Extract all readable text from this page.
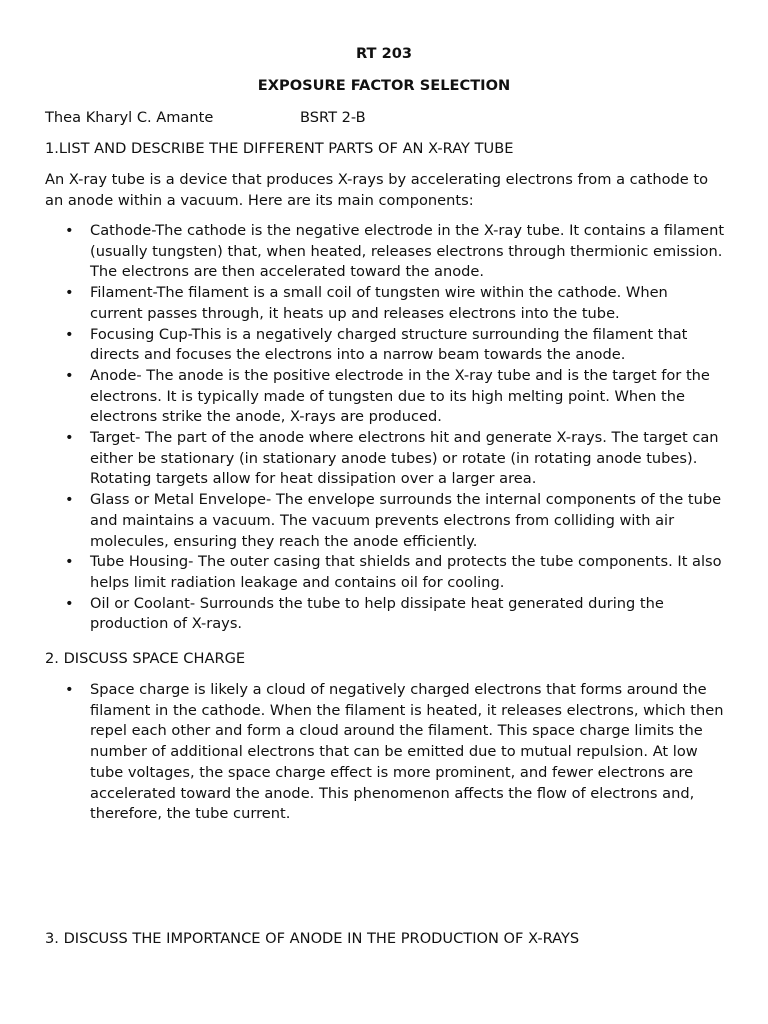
RT 203
EXPOSURE FACTOR SELECTION
Thea Kharyl C. Amante	BSRT 2-B
1.LIST AND DESCRIBE THE DIFFERENT PARTS OF AN X-RAY TUBE
An X-ray tube is a device that produces X-rays by accelerating electrons from a cathode to an anode within a vacuum. Here are its main components:
• Cathode-The cathode is the negative electrode in the X-ray tube. It contains a filament (usually tungsten) that, when heated, releases electrons through thermionic emission. The electrons are then accelerated toward the anode.
• Filament-The filament is a small coil of tungsten wire within the cathode. When current passes through, it heats up and releases electrons into the tube.
• Focusing Cup-This is a negatively charged structure surrounding the filament that directs and focuses the electrons into a narrow beam towards the anode.
• Anode- The anode is the positive electrode in the X-ray tube and is the target for the electrons. It is typically made of tungsten due to its high melting point. When the electrons strike the anode, X-rays are produced.
• Target- The part of the anode where electrons hit and generate X-rays. The target can either be stationary (in stationary anode tubes) or rotate (in rotating anode tubes). Rotating targets allow for heat dissipation over a larger area.
• Glass or Metal Envelope- The envelope surrounds the internal components of the tube and maintains a vacuum. The vacuum prevents electrons from colliding with air molecules, ensuring they reach the anode efficiently.
• Tube Housing- The outer casing that shields and protects the tube components. It also helps limit radiation leakage and contains oil for cooling.
• Oil or Coolant- Surrounds the tube to help dissipate heat generated during the production of X-rays.
2. DISCUSS SPACE CHARGE
• Space charge is likely a cloud of negatively charged electrons that forms around the filament in the cathode. When the filament is heated, it releases electrons, which then repel each other and form a cloud around the filament. This space charge limits the number of additional electrons that can be emitted due to mutual repulsion. At low tube voltages, the space charge effect is more prominent, and fewer electrons are accelerated toward the anode. This phenomenon affects the flow of electrons and, therefore, the tube current.
3. DISCUSS THE IMPORTANCE OF ANODE IN THE PRODUCTION OF X-RAYS
